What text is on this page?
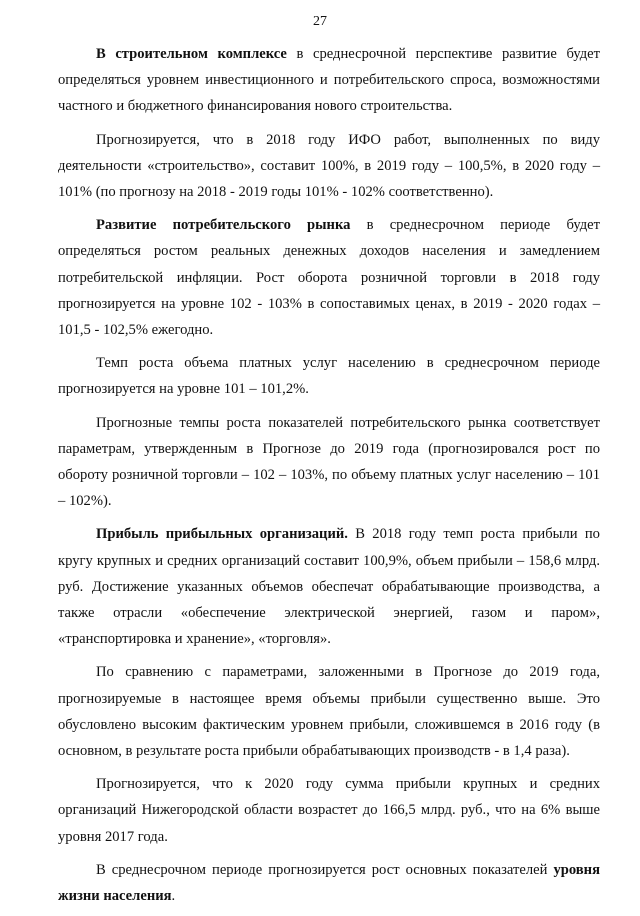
27

В строительном комплексе в среднесрочной перспективе развитие будет определяться уровнем инвестиционного и потребительского спроса, возможностями частного и бюджетного финансирования нового строительства.

Прогнозируется, что в 2018 году ИФО работ, выполненных по виду деятельности «строительство», составит 100%, в 2019 году – 100,5%, в 2020 году – 101% (по прогнозу на 2018 - 2019 годы 101% - 102% соответственно).

Развитие потребительского рынка в среднесрочном периоде будет определяться ростом реальных денежных доходов населения и замедлением потребительской инфляции. Рост оборота розничной торговли в 2018 году прогнозируется на уровне 102 - 103% в сопоставимых ценах, в 2019 - 2020 годах – 101,5 - 102,5% ежегодно.

Темп роста объема платных услуг населению в среднесрочном периоде прогнозируется на уровне 101 – 101,2%.

Прогнозные темпы роста показателей потребительского рынка соответствует параметрам, утвержденным в Прогнозе до 2019 года (прогнозировался рост по обороту розничной торговли – 102 – 103%, по объему платных услуг населению – 101 – 102%).

Прибыль прибыльных организаций. В 2018 году темп роста прибыли по кругу крупных и средних организаций составит 100,9%, объем прибыли – 158,6 млрд. руб. Достижение указанных объемов обеспечат обрабатывающие производства, а также отрасли «обеспечение электрической энергией, газом и паром», «транспортировка и хранение», «торговля».

По сравнению с параметрами, заложенными в Прогнозе до 2019 года, прогнозируемые в настоящее время объемы прибыли существенно выше. Это обусловлено высоким фактическим уровнем прибыли, сложившемся в 2016 году (в основном, в результате роста прибыли обрабатывающих производств - в 1,4 раза).

Прогнозируется, что к 2020 году сумма прибыли крупных и средних организаций Нижегородской области возрастет до 166,5 млрд. руб., что на 6% выше уровня 2017 года.

В среднесрочном периоде прогнозируется рост основных показателей уровня жизни населения.
